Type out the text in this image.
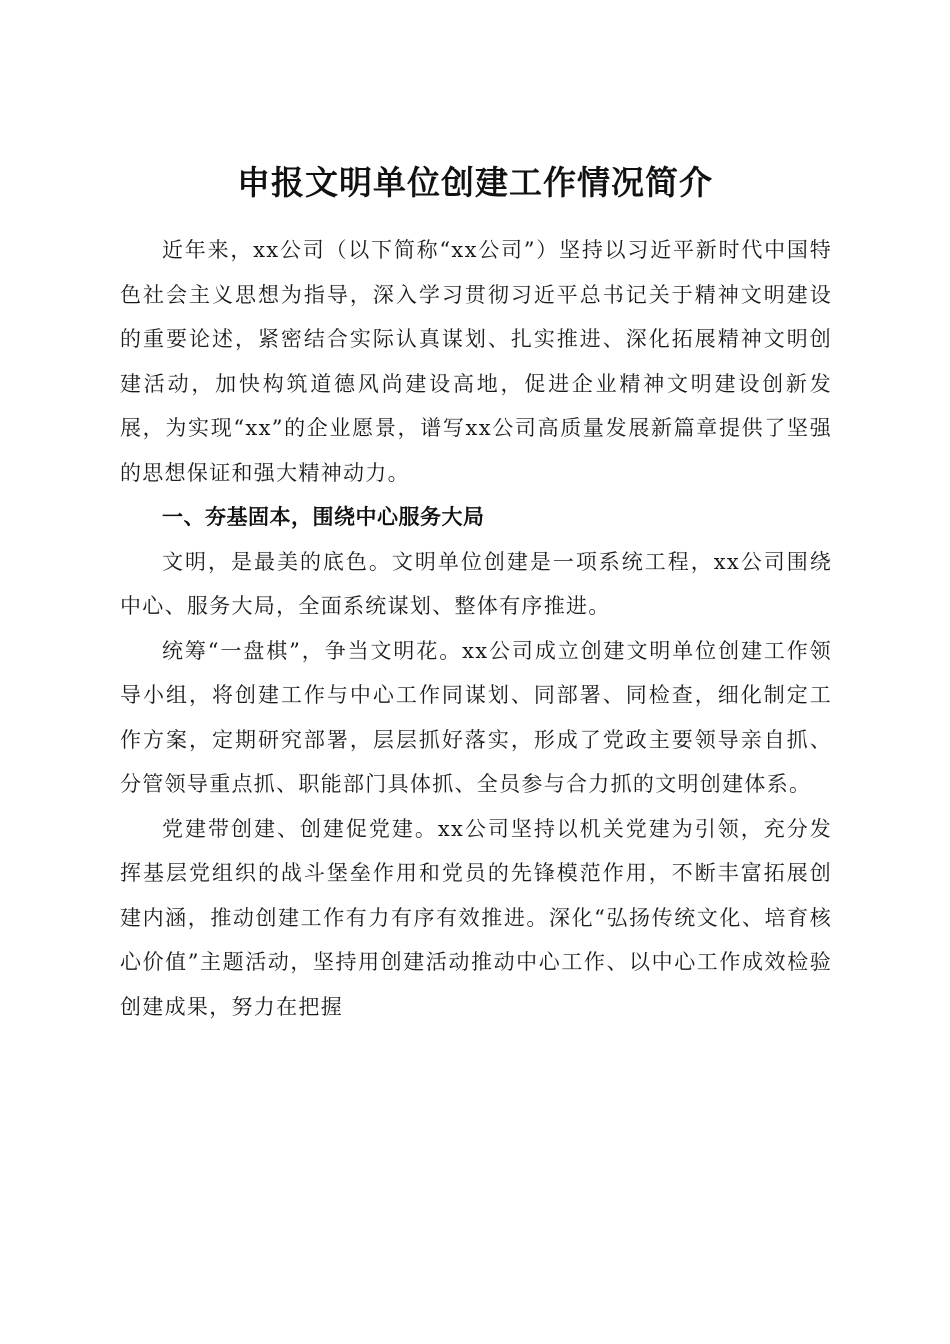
申报文明单位创建工作情况简介

近年来，xx公司（以下简称“xx公司”）坚持以习近平新时代中国特色社会主义思想为指导，深入学习贯彻习近平总书记关于精神文明建设的重要论述，紧密结合实际认真谋划、扎实推进、深化拓展精神文明创建活动，加快构筑道德风尚建设高地，促进企业精神文明建设创新发展，为实现“xx”的企业愿景，谱写xx公司高质量发展新篇章提供了坚强的思想保证和强大精神动力。

一、夯基固本，围绕中心服务大局

文明，是最美的底色。文明单位创建是一项系统工程，xx公司围绕中心、服务大局，全面系统谋划、整体有序推进。

统筹“一盘棋”，争当文明花。xx公司成立创建文明单位创建工作领导小组，将创建工作与中心工作同谋划、同部署、同检查，细化制定工作方案，定期研究部署，层层抓好落实，形成了党政主要领导亲自抓、分管领导重点抓、职能部门具体抓、全员参与合力抓的文明创建体系。

党建带创建、创建促党建。xx公司坚持以机关党建为引领，充分发挥基层党组织的战斗堡垒作用和党员的先锋模范作用，不断丰富拓展创建内涵，推动创建工作有力有序有效推进。深化“弘扬传统文化、培育核心价值”主题活动，坚持用创建活动推动中心工作、以中心工作成效检验创建成果，努力在把握
